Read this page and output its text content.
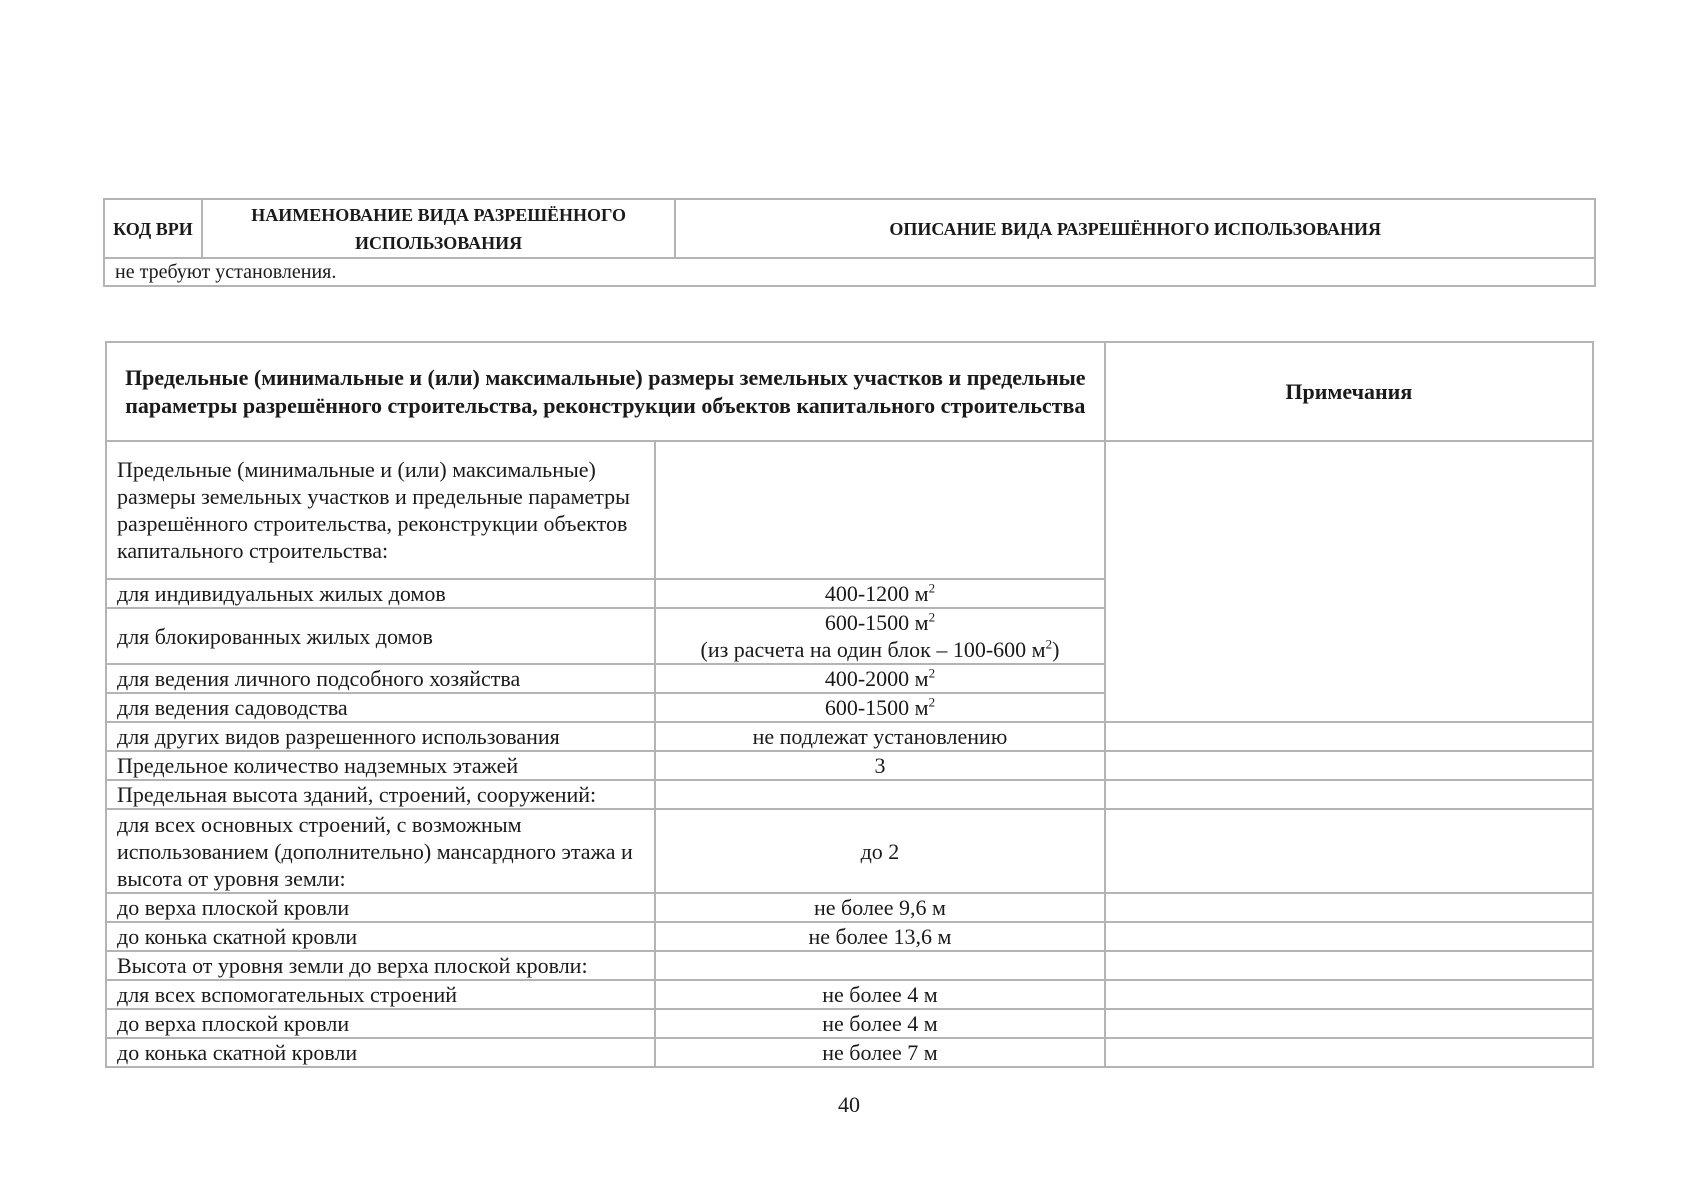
КОД ВРИ	НАИМЕНОВАНИЕ ВИДА РАЗРЕШЁННОГО ИСПОЛЬЗОВАНИЯ	ОПИСАНИЕ ВИДА РАЗРЕШЁННОГО ИСПОЛЬЗОВАНИЯ
не требуют установления.
Предельные (минимальные и (или) максимальные) размеры земельных участков и предельные параметры разрешённого строительства, реконструкции объектов капитального строительства		Примечания
Предельные (минимальные и (или) максимальные) размеры земельных участков и предельные параметры разрешённого строительства, реконструкции объектов капитального строительства:		
для индивидуальных жилых домов	400-1200 $м^2$
для блокированных жилых домов	600-1500 $м^2$
(из расчета на один блок – 100-600 $м^2$)	
для ведения личного подсобного хозяйства	400-2000 $м^2$
для ведения садоводства	600-1500 $м^2$
для других видов разрешенного использования	не подлежат установлению	
Предельное количество надземных этажей	3	
Предельная высота зданий, строений, сооружений:		
для всех основных строений, с возможным использованием (дополнительно) мансардного этажа и высота от уровня земли:	до 2	
до верха плоской кровли	не более 9,6 м	
до конька скатной кровли	не более 13,6 м	
Высота от уровня земли до верха плоской кровли:		
для всех вспомогательных строений	не более 4 м	
до верха плоской кровли	не более 4 м	
до конька скатной кровли	не более 7 м	
40
